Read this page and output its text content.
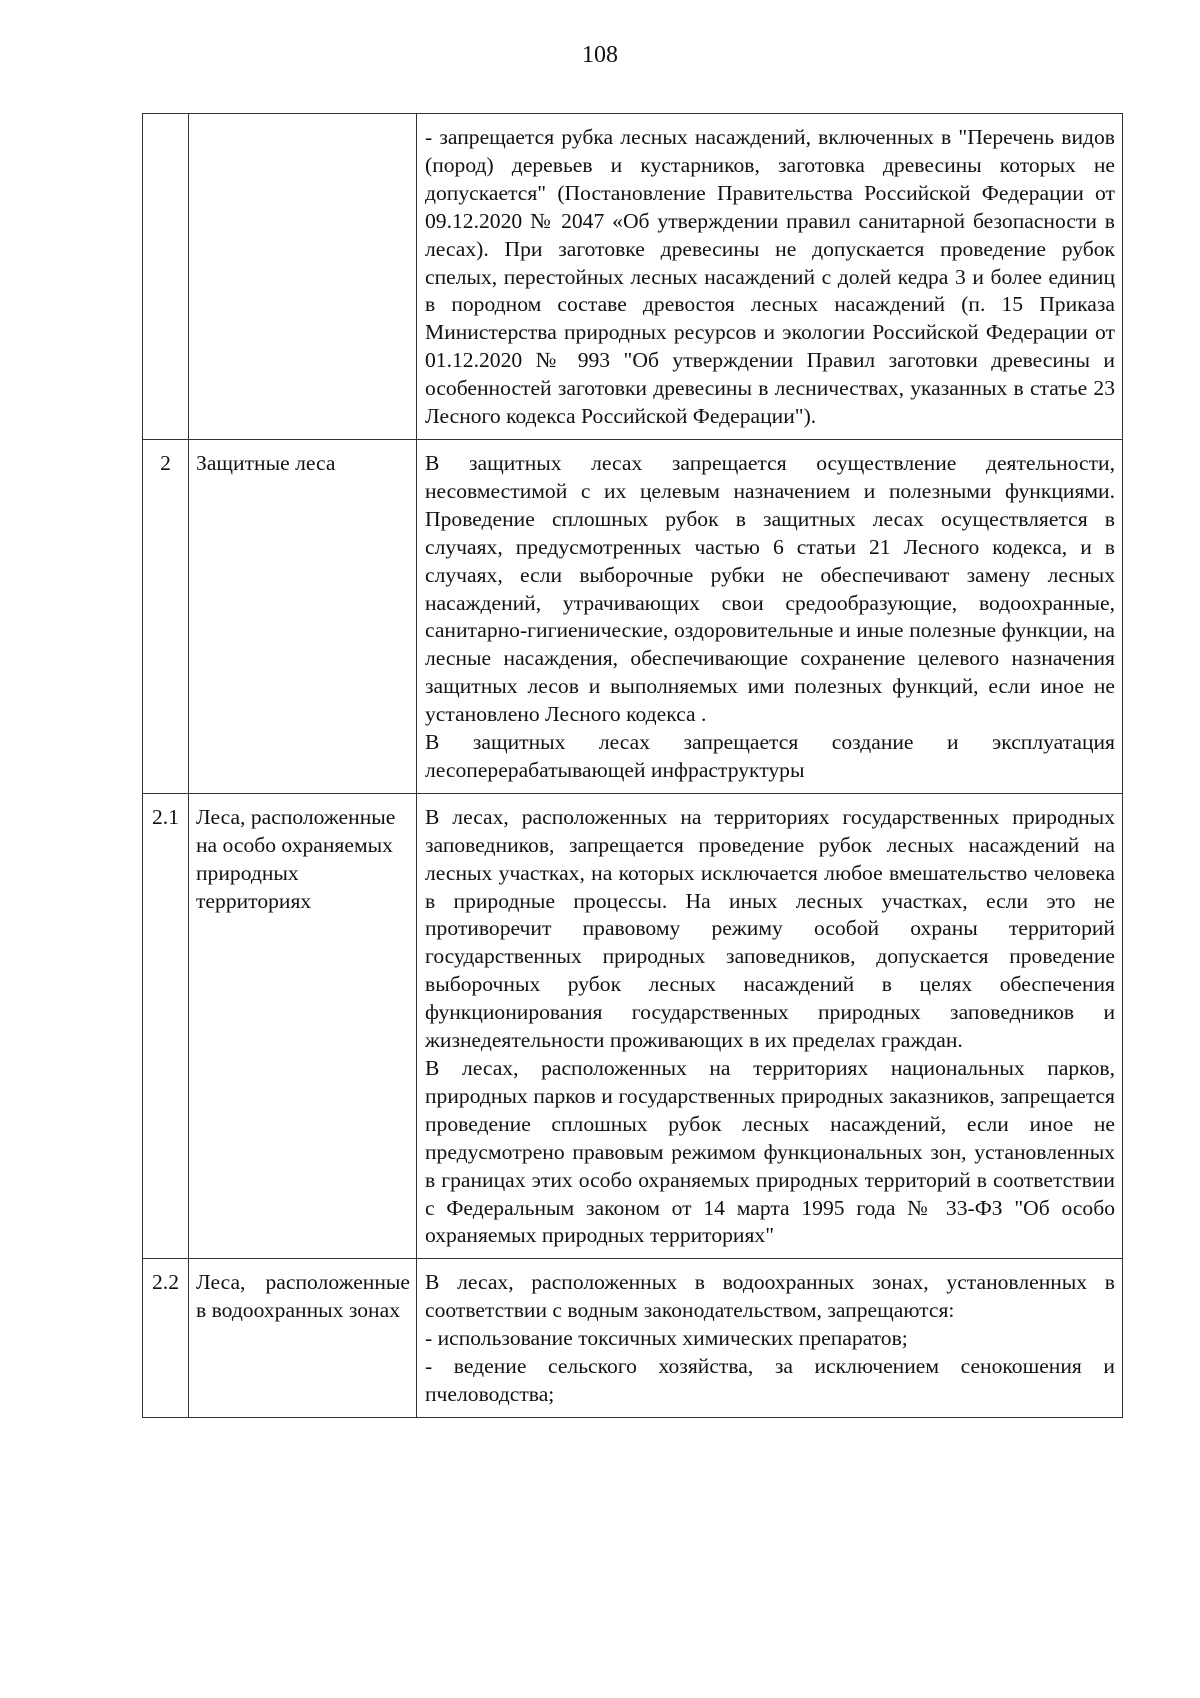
108

		- запрещается рубка лесных насаждений, включенных в "Перечень видов (пород) деревьев и кустарников, заготовка древесины которых не допускается" (Постановление Правительства Российской Федерации от 09.12.2020 № 2047 «Об утверждении правил санитарной безопасности в лесах). При заготовке древесины не допускается проведение рубок спелых, перестойных лесных насаждений с долей кедра 3 и более единиц в породном составе древостоя лесных насаждений (п. 15 Приказа Министерства природных ресурсов и экологии Российской Федерации от 01.12.2020 № 993 "Об утверждении Правил заготовки древесины и особенностей заготовки древесины в лесничествах, указанных в статье 23 Лесного кодекса Российской Федерации").

2	Защитные леса	В защитных лесах запрещается осуществление деятельности, несовместимой с их целевым назначением и полезными функциями. Проведение сплошных рубок в защитных лесах осуществляется в случаях, предусмотренных частью 6 статьи 21 Лесного кодекса, и в случаях, если выборочные рубки не обеспечивают замену лесных насаждений, утрачивающих свои средообразующие, водоохранные, санитарно-гигиенические, оздоровительные и иные полезные функции, на лесные насаждения, обеспечивающие сохранение целевого назначения защитных лесов и выполняемых ими полезных функций, если иное не установлено Лесного кодекса .

В защитных лесах запрещается создание и эксплуатация лесоперерабатывающей инфраструктуры

2.1	Леса, расположенные на особо охраняемых природных территориях	В лесах, расположенных на территориях государственных природных заповедников, запрещается проведение рубок лесных насаждений на лесных участках, на которых исключается любое вмешательство человека в природные процессы. На иных лесных участках, если это не противоречит правовому режиму особой охраны территорий государственных природных заповедников, допускается проведение выборочных рубок лесных насаждений в целях обеспечения функционирования государственных природных заповедников и жизнедеятельности проживающих в их пределах граждан.

В лесах, расположенных на территориях национальных парков, природных парков и государственных природных заказников, запрещается проведение сплошных рубок лесных насаждений, если иное не предусмотрено правовым режимом функциональных зон, установленных в границах этих особо охраняемых природных территорий в соответствии с Федеральным законом от 14 марта 1995 года № 33-ФЗ "Об особо охраняемых природных территориях"

2.2	Леса, расположенные в водоохранных зонах	В лесах, расположенных в водоохранных зонах, установленных в соответствии с водным законодательством, запрещаются:

- использование токсичных химических препаратов;

- ведение сельского хозяйства, за исключением сенокошения и пчеловодства;
